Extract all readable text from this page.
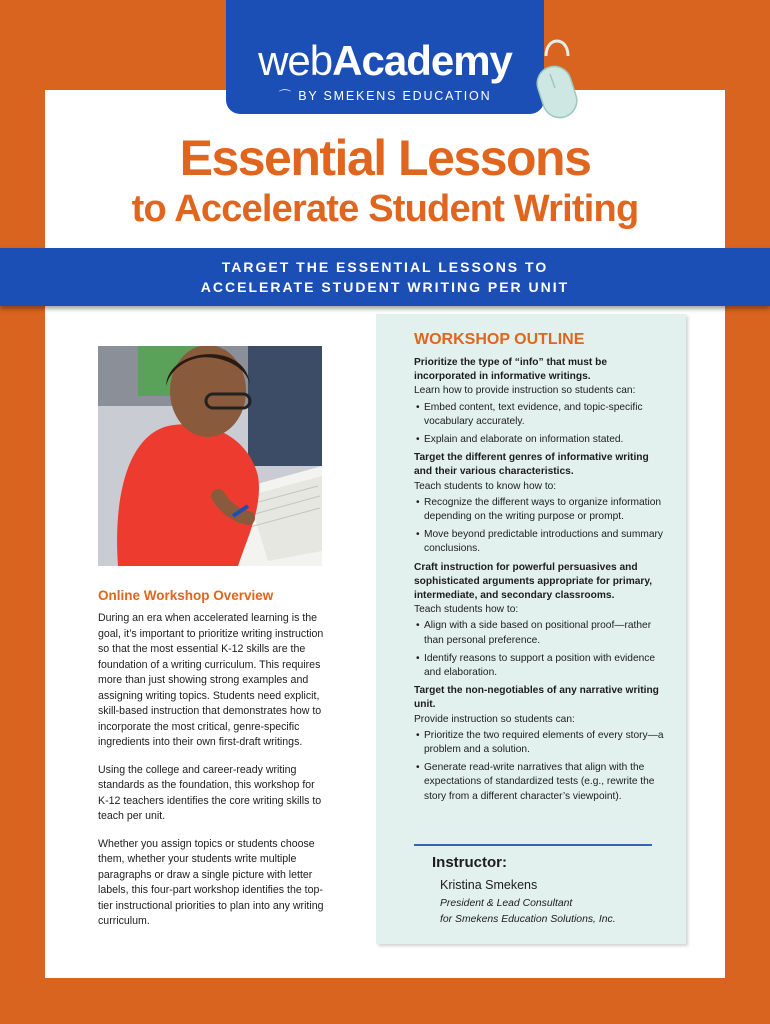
webAcademy
⌒ BY SMEKENS EDUCATION
Essential Lessons
to Accelerate Student Writing
TARGET THE ESSENTIAL LESSONS TO
ACCELERATE STUDENT WRITING PER UNIT
Online Workshop Overview

During an era when accelerated learning is the goal, it’s important to prioritize writing instruction so that the most essential K-12 skills are the foundation of a writing curriculum. This requires more than just showing strong examples and assigning writing topics. Students need explicit, skill-based instruction that demonstrates how to incorporate the most critical, genre-specific ingredients into their own first-draft writings.

Using the college and career-ready writing standards as the foundation, this workshop for K-12 teachers identifies the core writing skills to teach per unit.

Whether you assign topics or students choose them, whether your students write multiple paragraphs or draw a single picture with letter labels, this four-part workshop identifies the top-tier instructional priorities to plan into any writing curriculum.

WORKSHOP OUTLINE
Prioritize the type of “info” that must be incorporated in informative writings.
Learn how to provide instruction so students can:
• Embed content, text evidence, and topic-specific vocabulary accurately.
• Explain and elaborate on information stated.
Target the different genres of informative writing and their various characteristics.
Teach students to know how to:
• Recognize the different ways to organize information depending on the writing purpose or prompt.
• Move beyond predictable introductions and summary conclusions.
Craft instruction for powerful persuasives and sophisticated arguments appropriate for primary, intermediate, and secondary classrooms.
Teach students how to:
• Align with a side based on positional proof—rather than personal preference.
• Identify reasons to support a position with evidence and elaboration.
Target the non-negotiables of any narrative writing unit.
Provide instruction so students can:
• Prioritize the two required elements of every story—a problem and a solution.
• Generate read-write narratives that align with the expectations of standardized tests (e.g., rewrite the story from a different character’s viewpoint).
Instructor:
Kristina Smekens
President & Lead Consultant
for Smekens Education Solutions, Inc.
